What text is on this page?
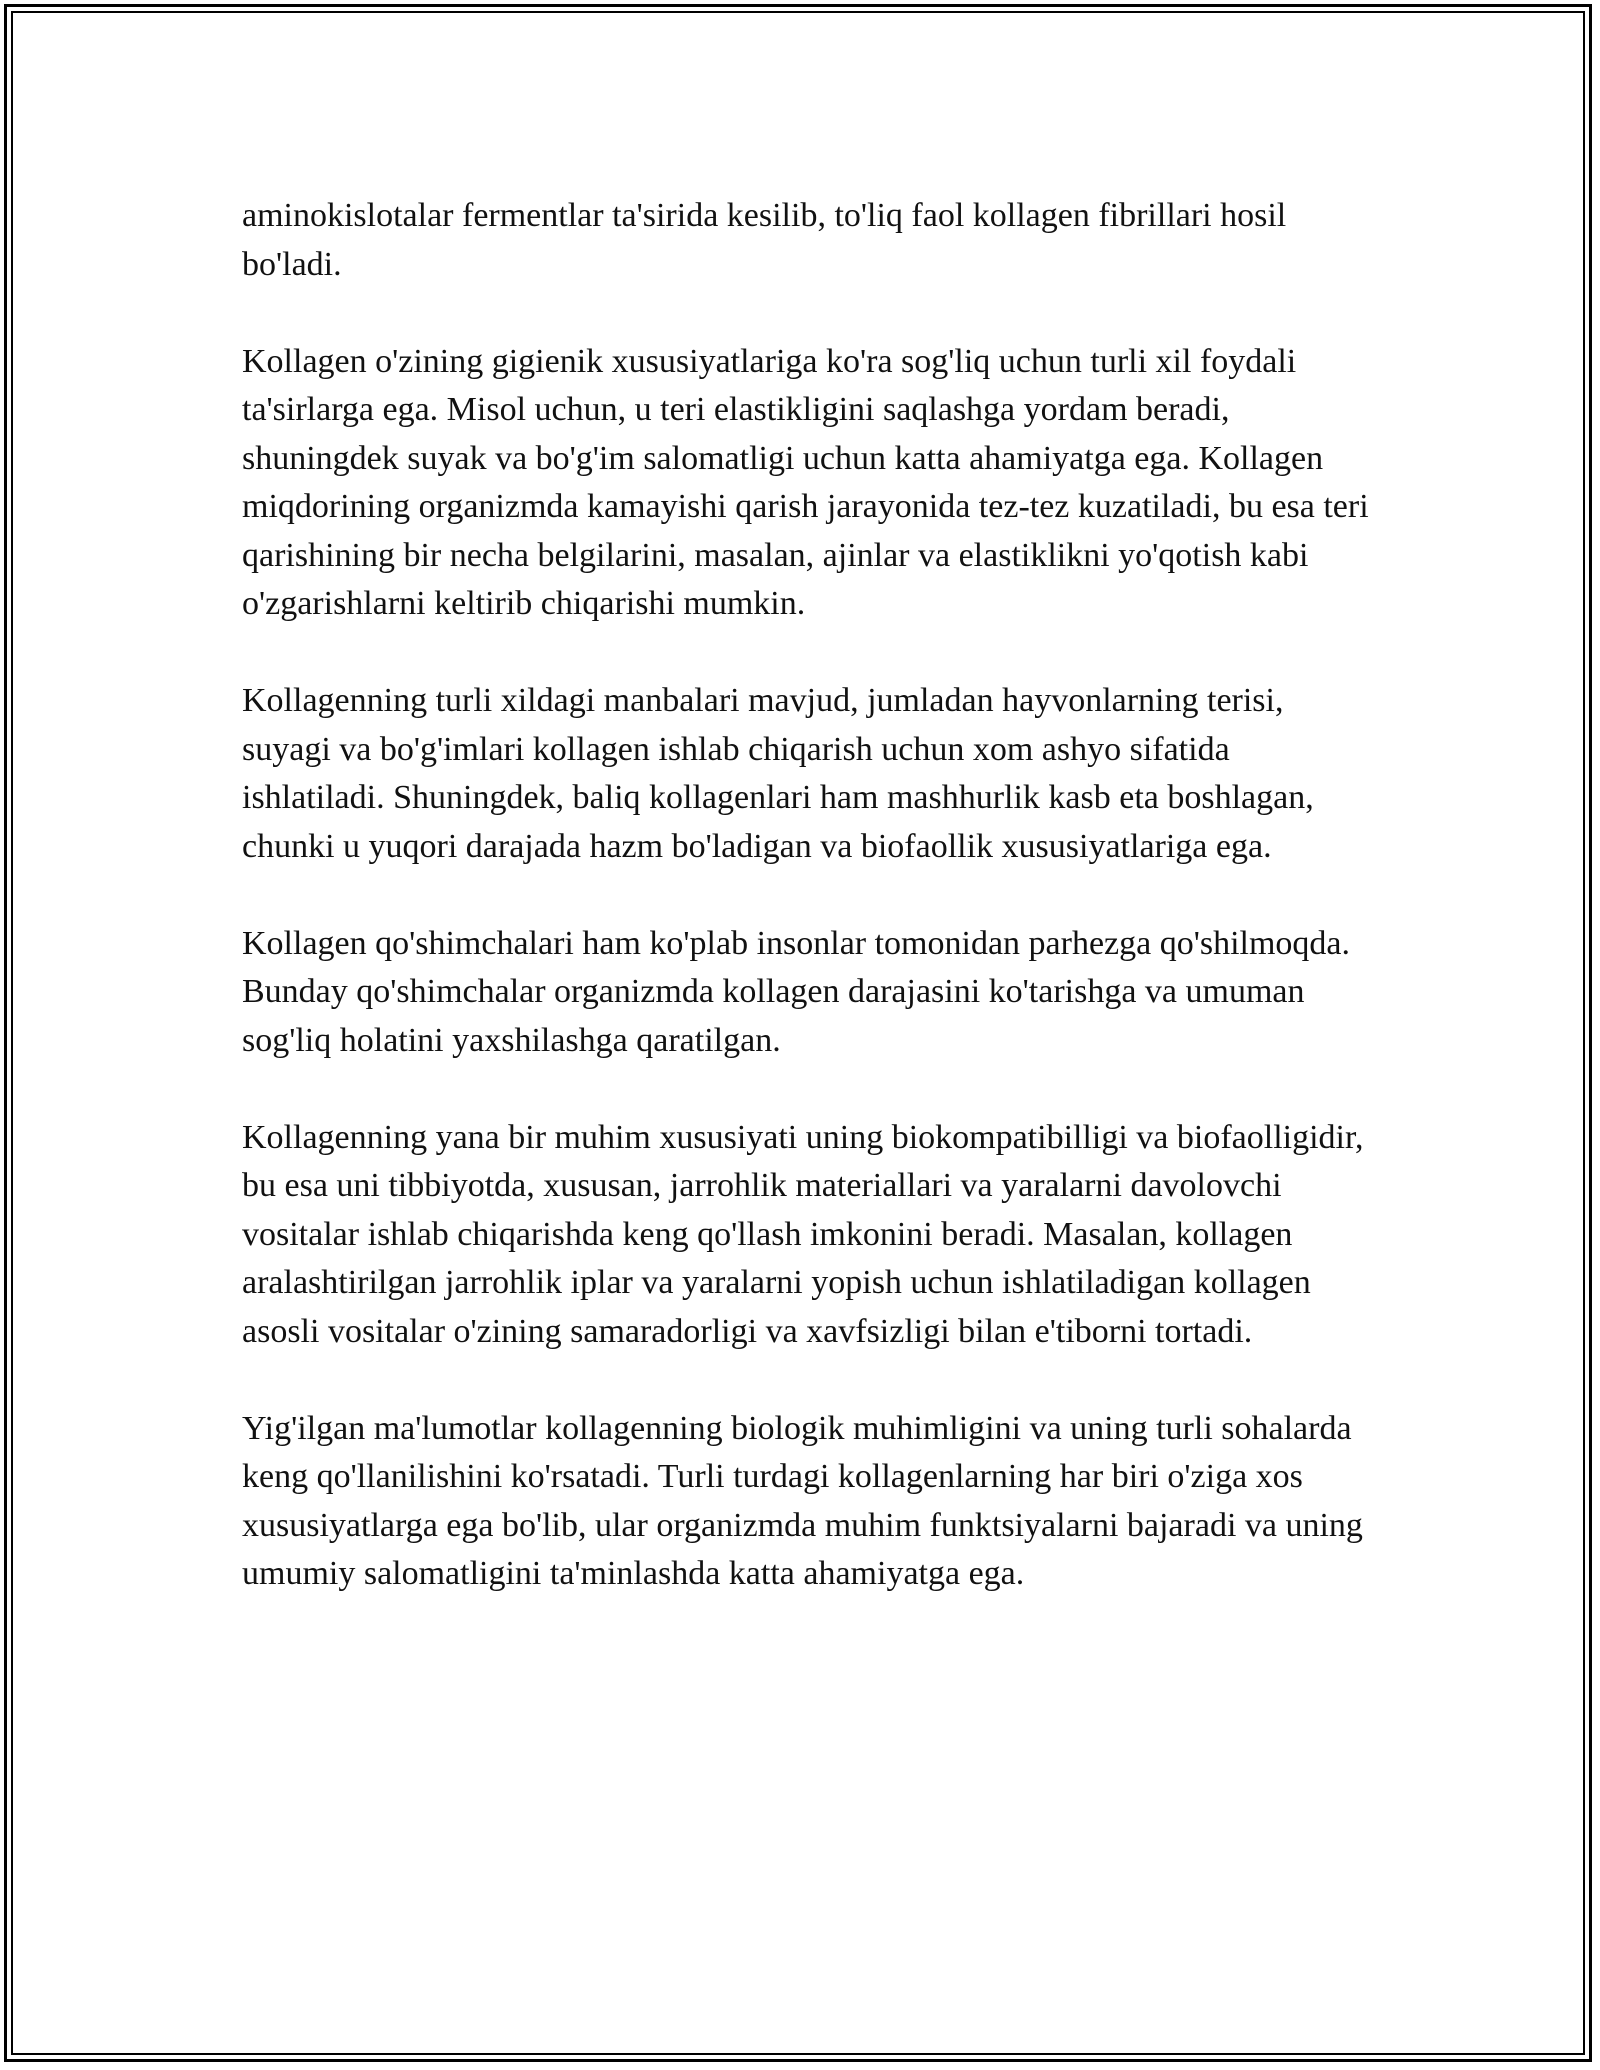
aminokislotalar fermentlar ta'sirida kesilib, to'liq faol kollagen fibrillari hosil bo'ladi.

Kollagen o'zining gigienik xususiyatlariga ko'ra sog'liq uchun turli xil foydali ta'sirlarga ega. Misol uchun, u teri elastikligini saqlashga yordam beradi, shuningdek suyak va bo'g'im salomatligi uchun katta ahamiyatga ega. Kollagen miqdorining organizmda kamayishi qarish jarayonida tez-tez kuzatiladi, bu esa teri qarishining bir necha belgilarini, masalan, ajinlar va elastiklikni yo'qotish kabi o'zgarishlarni keltirib chiqarishi mumkin.

Kollagenning turli xildagi manbalari mavjud, jumladan hayvonlarning terisi, suyagi va bo'g'imlari kollagen ishlab chiqarish uchun xom ashyo sifatida ishlatiladi. Shuningdek, baliq kollagenlari ham mashhurlik kasb eta boshlagan, chunki u yuqori darajada hazm bo'ladigan va biofaollik xususiyatlariga ega.

Kollagen qo'shimchalari ham ko'plab insonlar tomonidan parhezga qo'shilmoqda. Bunday qo'shimchalar organizmda kollagen darajasini ko'tarishga va umuman sog'liq holatini yaxshilashga qaratilgan.

Kollagenning yana bir muhim xususiyati uning biokompatibilligi va biofaolligidir, bu esa uni tibbiyotda, xususan, jarrohlik materiallari va yaralarni davolovchi vositalar ishlab chiqarishda keng qo'llash imkonini beradi. Masalan, kollagen aralashtirilgan jarrohlik iplar va yaralarni yopish uchun ishlatiladigan kollagen asosli vositalar o'zining samaradorligi va xavfsizligi bilan e'tiborni tortadi.

Yig'ilgan ma'lumotlar kollagenning biologik muhimligini va uning turli sohalarda keng qo'llanilishini ko'rsatadi. Turli turdagi kollagenlarning har biri o'ziga xos xususiyatlarga ega bo'lib, ular organizmda muhim funktsiyalarni bajaradi va uning umumiy salomatligini ta'minlashda katta ahamiyatga ega.
